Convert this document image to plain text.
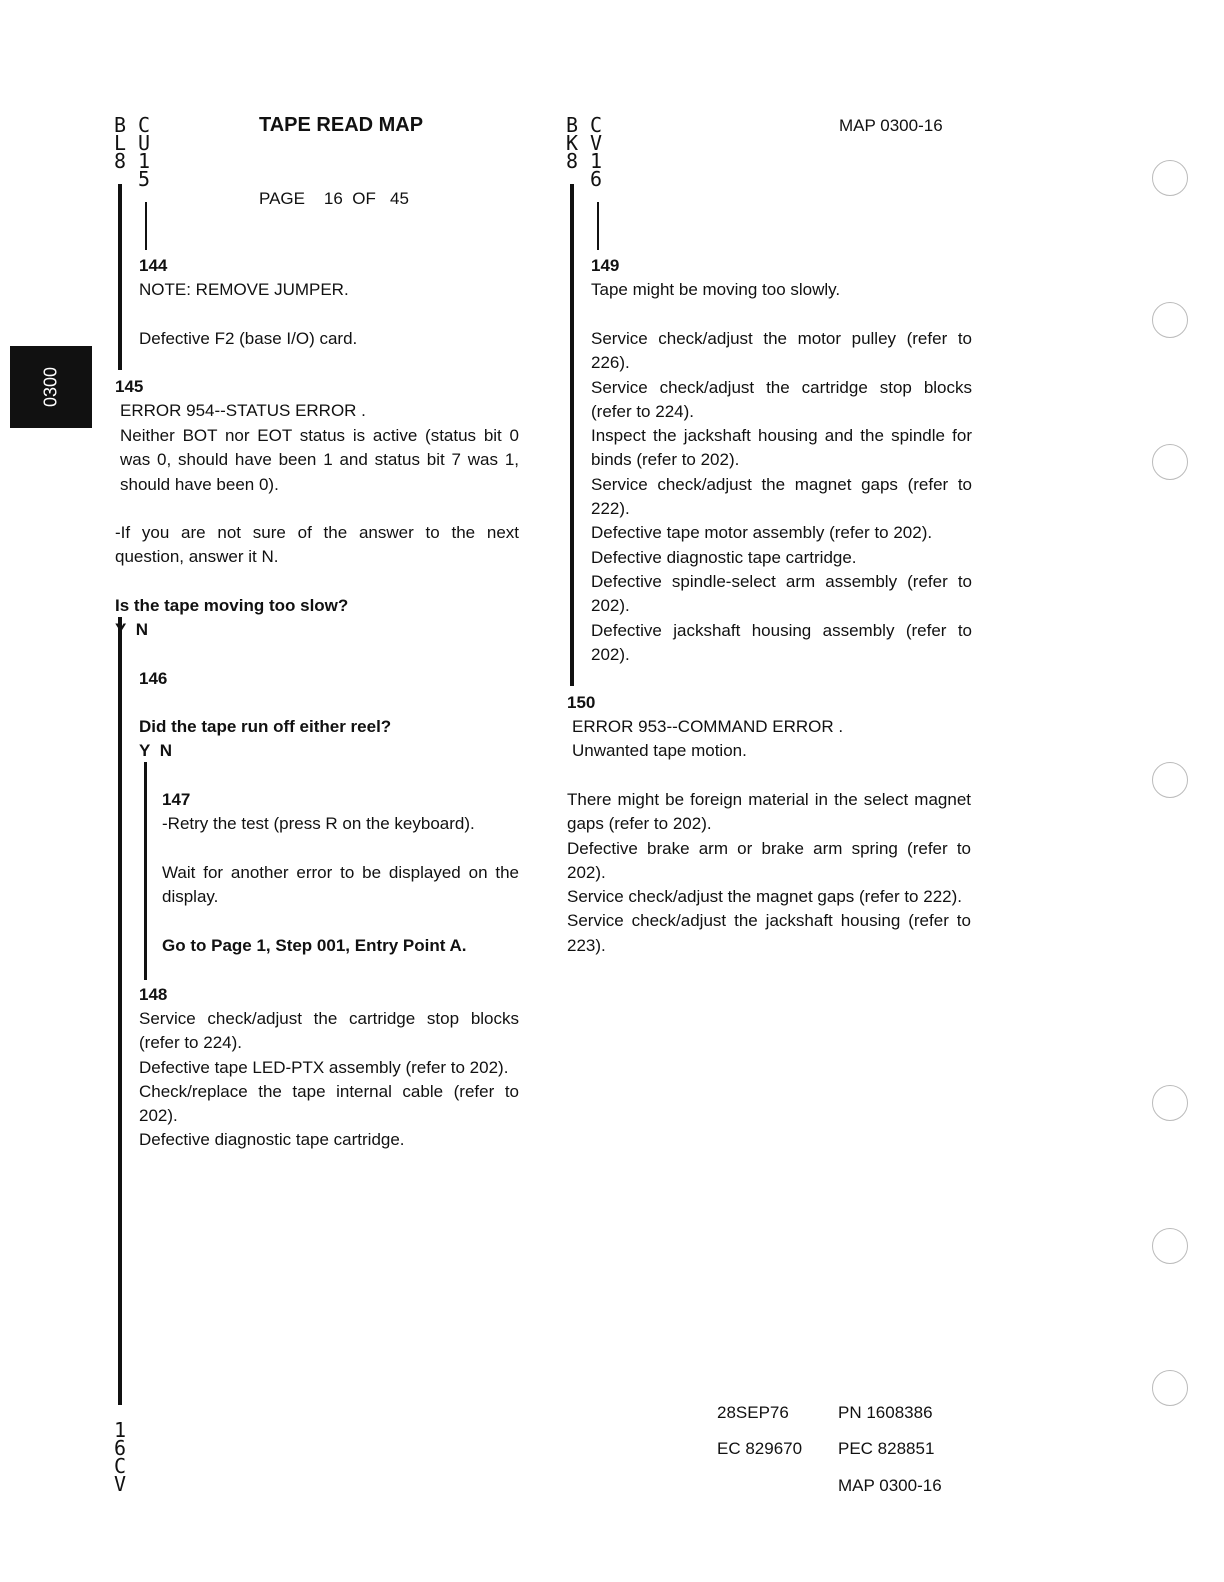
0300
B
L
8
C
U
1
5
TAPE READ MAP
PAGE 16 OF 45
B
K
8
C
V
1
6
MAP 0300-16
144
NOTE: REMOVE JUMPER.
Defective F2 (base I/O) card.
145
ERROR 954--STATUS ERROR .
Neither BOT nor EOT status is active (status bit 0 was 0, should have been 1 and status bit 7 was 1, should have been 0).
-If you are not sure of the answer to the next question, answer it N.
Is the tape moving too slow?
Y N
146
Did the tape run off either reel?
Y N
147
-Retry the test (press R on the keyboard).
Wait for another error to be displayed on the display.
Go to Page 1, Step 001, Entry Point A.
148
Service check/adjust the cartridge stop blocks (refer to 224).
Defective tape LED-PTX assembly (refer to 202).
Check/replace the tape internal cable (refer to 202).
Defective diagnostic tape cartridge.
1
6
C
V
149
Tape might be moving too slowly.
Service check/adjust the motor pulley (refer to 226).
Service check/adjust the cartridge stop blocks (refer to 224).
Inspect the jackshaft housing and the spindle for binds (refer to 202).
Service check/adjust the magnet gaps (refer to 222).
Defective tape motor assembly (refer to 202).
Defective diagnostic tape cartridge.
Defective spindle-select arm assembly (refer to 202).
Defective jackshaft housing assembly (refer to 202).
150
ERROR 953--COMMAND ERROR .
Unwanted tape motion.
There might be foreign material in the select magnet gaps (refer to 202).
Defective brake arm or brake arm spring (refer to 202).
Service check/adjust the magnet gaps (refer to 222).
Service check/adjust the jackshaft housing (refer to 223).
28SEP76	PN 1608386
EC 829670 PEC 828851
MAP 0300-16
